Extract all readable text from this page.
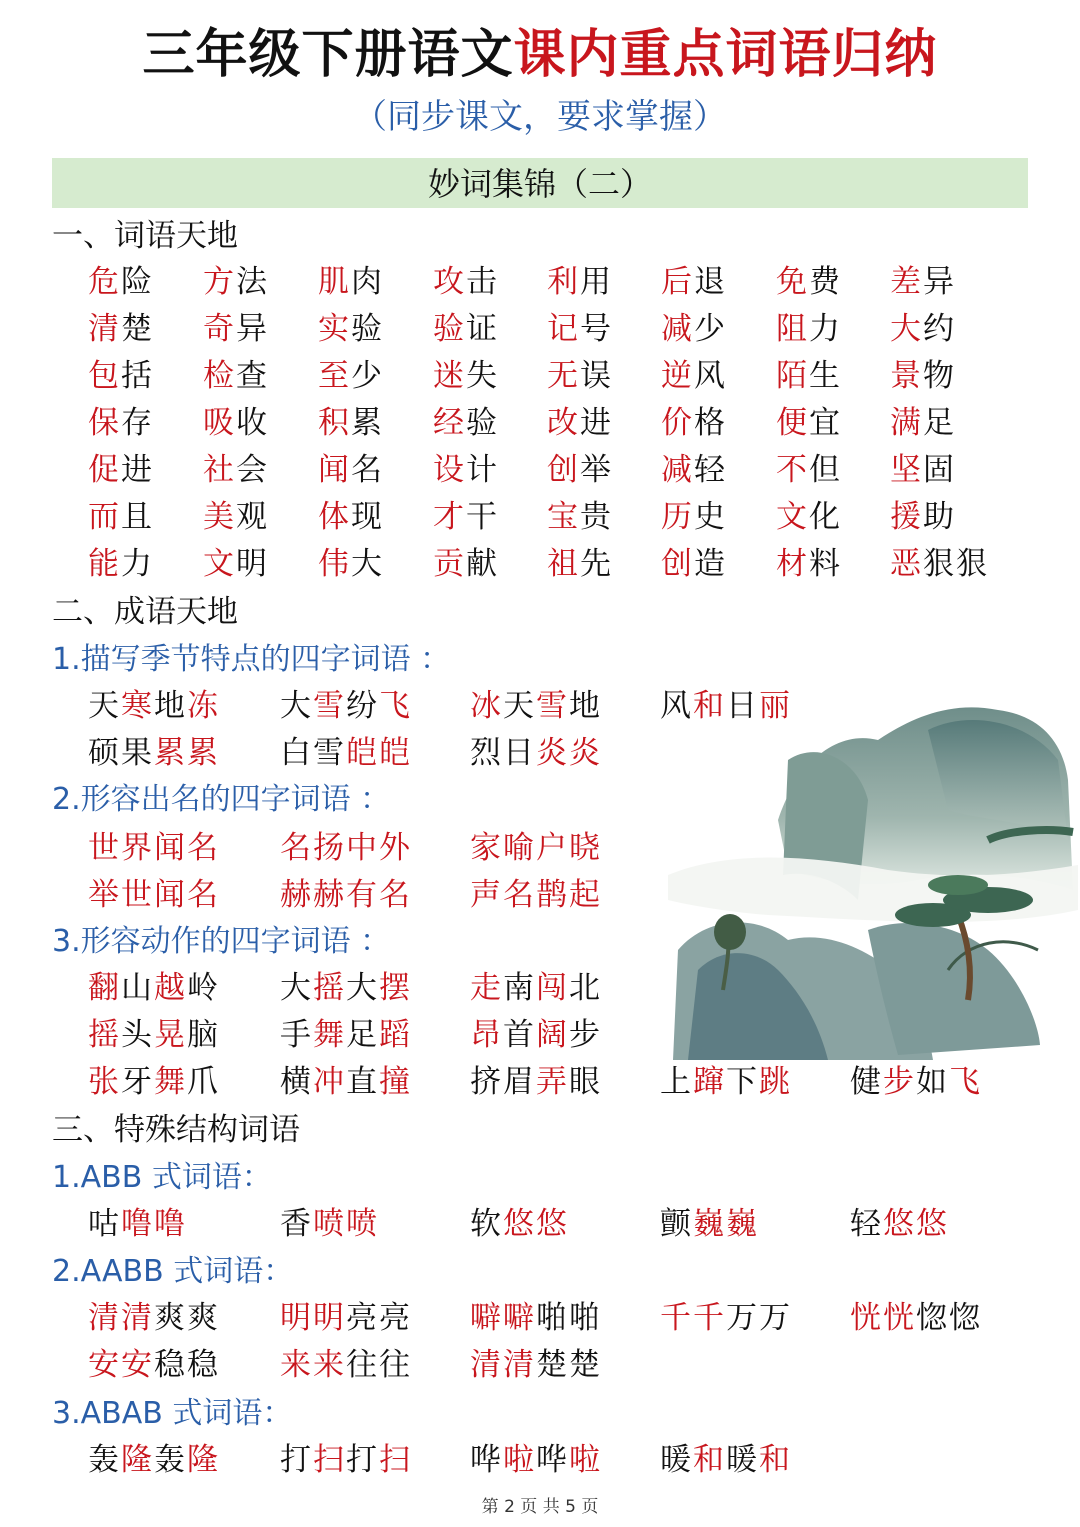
三年级下册语文课内重点词语归纳
（同步课文，要求掌握）
妙词集锦（二）
一、词语天地
危险 方法 肌肉 攻击 利用 后退 免费 差异
清楚 奇异 实验 验证 记号 减少 阻力 大约
包括 检查 至少 迷失 无误 逆风 陌生 景物
保存 吸收 积累 经验 改进 价格 便宜 满足
促进 社会 闻名 设计 创举 减轻 不但 坚固
而且 美观 体现 才干 宝贵 历史 文化 援助
能力 文明 伟大 贡献 祖先 创造 材料 恶狠狠
二、成语天地
1.描写季节特点的四字词语 ：
天寒地冻 大雪纷飞 冰天雪地 风和日丽
硕果累累 白雪皑皑 烈日炎炎
2.形容出名的四字词语 ：
世界闻名 名扬中外 家喻户晓
举世闻名 赫赫有名 声名鹊起
3.形容动作的四字词语 ：
翻山越岭 大摇大摆 走南闯北
摇头晃脑 手舞足蹈 昂首阔步
张牙舞爪 横冲直撞 挤眉弄眼 上蹿下跳 健步如飞
三、特殊结构词语
1.ABB 式词语：
咕噜噜	香喷喷	软悠悠	颤巍巍	轻悠悠
2.AABB 式词语：
清清爽爽 明明亮亮 噼噼啪啪 千千万万 恍恍惚惚
安安稳稳 来来往往 清清楚楚
3.ABAB 式词语：
轰隆轰隆 打扫打扫 哗啦哗啦 暖和暖和
第 2 页 共 5 页
